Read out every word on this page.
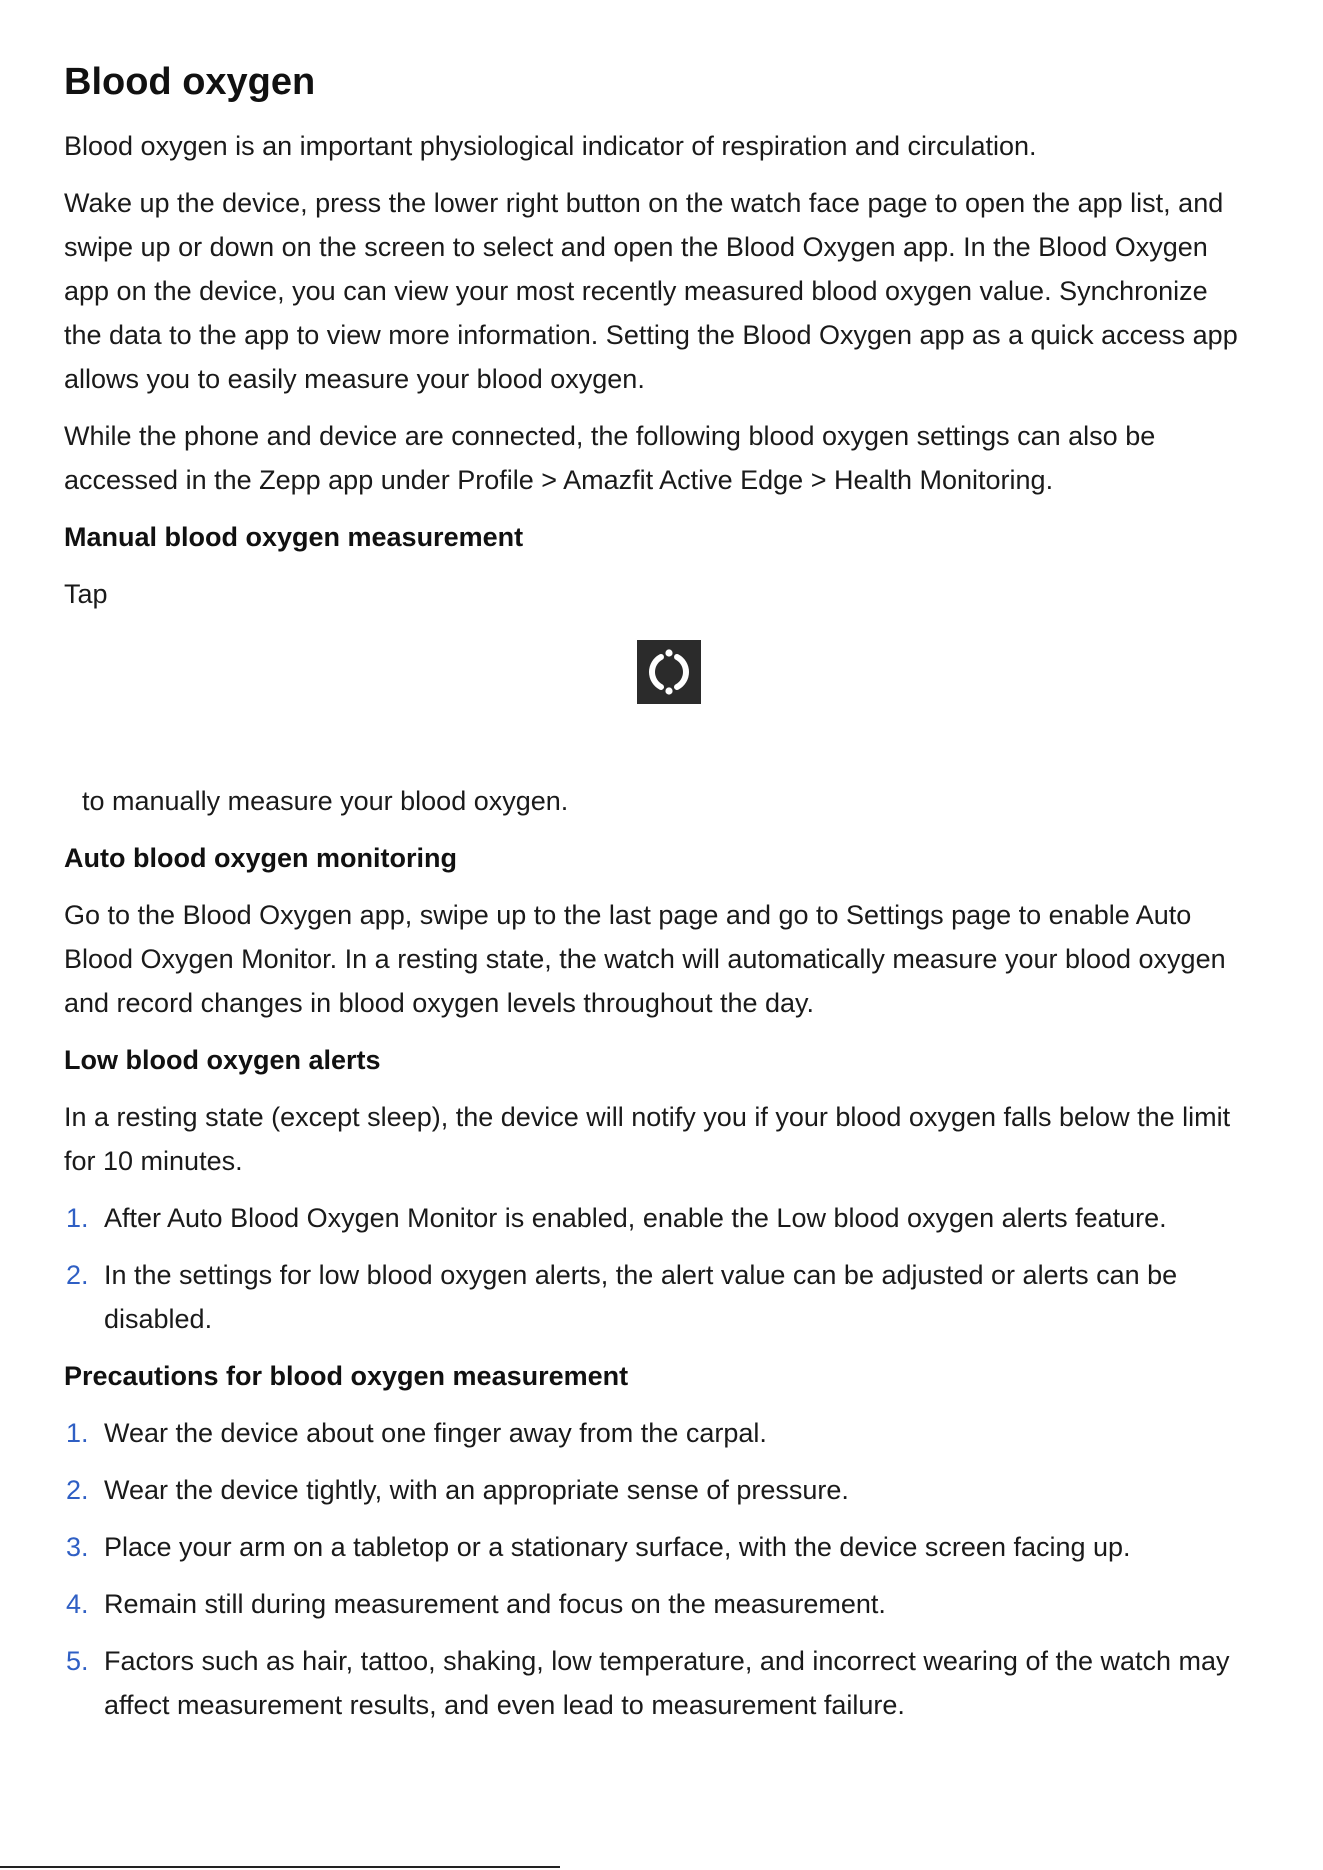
Blood oxygen

Blood oxygen is an important physiological indicator of respiration and circulation.

Wake up the device, press the lower right button on the watch face page to open the app list, and swipe up or down on the screen to select and open the Blood Oxygen app. In the Blood Oxygen app on the device, you can view your most recently measured blood oxygen value. Synchronize the data to the app to view more information. Setting the Blood Oxygen app as a quick access app allows you to easily measure your blood oxygen.

While the phone and device are connected, the following blood oxygen settings can also be accessed in the Zepp app under Profile > Amazfit Active Edge > Health Monitoring.

Manual blood oxygen measurement

Tap

to manually measure your blood oxygen.

Auto blood oxygen monitoring

Go to the Blood Oxygen app, swipe up to the last page and go to Settings page to enable Auto Blood Oxygen Monitor. In a resting state, the watch will automatically measure your blood oxygen and record changes in blood oxygen levels throughout the day.

Low blood oxygen alerts

In a resting state (except sleep), the device will notify you if your blood oxygen falls below the limit for 10 minutes.

1. After Auto Blood Oxygen Monitor is enabled, enable the Low blood oxygen alerts feature.
2. In the settings for low blood oxygen alerts, the alert value can be adjusted or alerts can be disabled.
Precautions for blood oxygen measurement
1. Wear the device about one finger away from the carpal.
2. Wear the device tightly, with an appropriate sense of pressure.
3. Place your arm on a tabletop or a stationary surface, with the device screen facing up.
4. Remain still during measurement and focus on the measurement.
5. Factors such as hair, tattoo, shaking, low temperature, and incorrect wearing of the watch may affect measurement results, and even lead to measurement failure.
